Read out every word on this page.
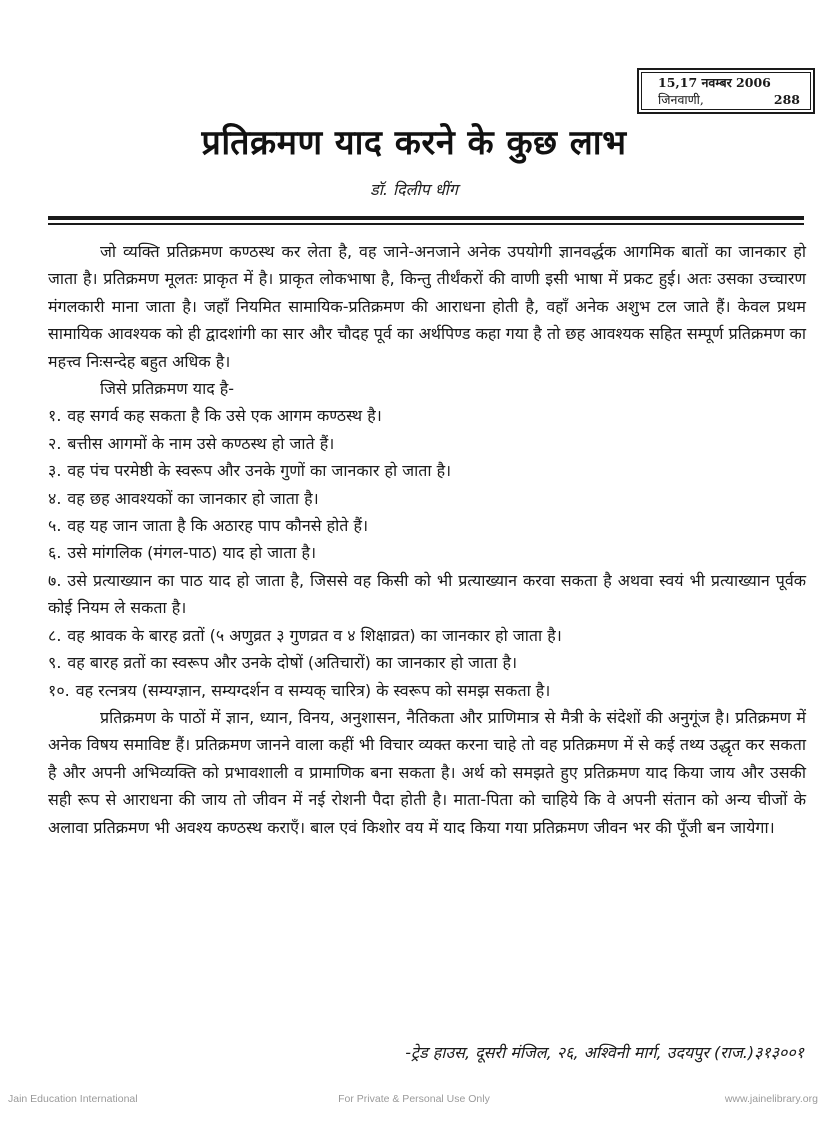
15,17 नवम्बर 2006
जिनवाणी,	288
प्रतिक्रमण याद करने के कुछ लाभ
डॉ. दिलीप धींग

जो व्यक्ति प्रतिक्रमण कण्ठस्थ कर लेता है, वह जाने-अनजाने अनेक उपयोगी ज्ञानवर्द्धक आगमिक बातों का जानकार हो जाता है। प्रतिक्रमण मूलतः प्राकृत में है। प्राकृत लोकभाषा है, किन्तु तीर्थंकरों की वाणी इसी भाषा में प्रकट हुई। अतः उसका उच्चारण मंगलकारी माना जाता है। जहाँ नियमित सामायिक-प्रतिक्रमण की आराधना होती है, वहाँ अनेक अशुभ टल जाते हैं। केवल प्रथम सामायिक आवश्यक को ही द्वादशांगी का सार और चौदह पूर्व का अर्थपिण्ड कहा गया है तो छह आवश्यक सहित सम्पूर्ण प्रतिक्रमण का महत्त्व निःसन्देह बहुत अधिक है।

जिसे प्रतिक्रमण याद है-

१. वह सगर्व कह सकता है कि उसे एक आगम कण्ठस्थ है।

२. बत्तीस आगमों के नाम उसे कण्ठस्थ हो जाते हैं।

३. वह पंच परमेष्ठी के स्वरूप और उनके गुणों का जानकार हो जाता है।

४. वह छह आवश्यकों का जानकार हो जाता है।

५. वह यह जान जाता है कि अठारह पाप कौनसे होते हैं।

६. उसे मांगलिक (मंगल-पाठ) याद हो जाता है।

७. उसे प्रत्याख्यान का पाठ याद हो जाता है, जिससे वह किसी को भी प्रत्याख्यान करवा सकता है अथवा स्वयं भी प्रत्याख्यान पूर्वक कोई नियम ले सकता है।

८. वह श्रावक के बारह व्रतों (५ अणुव्रत ३ गुणव्रत व ४ शिक्षाव्रत) का जानकार हो जाता है।

९. वह बारह व्रतों का स्वरूप और उनके दोषों (अतिचारों) का जानकार हो जाता है।

१०. वह रत्नत्रय (सम्यग्ज्ञान, सम्यग्दर्शन व सम्यक् चारित्र) के स्वरूप को समझ सकता है।

प्रतिक्रमण के पाठों में ज्ञान, ध्यान, विनय, अनुशासन, नैतिकता और प्राणिमात्र से मैत्री के संदेशों की अनुगूंज है। प्रतिक्रमण में अनेक विषय समाविष्ट हैं। प्रतिक्रमण जानने वाला कहीं भी विचार व्यक्त करना चाहे तो वह प्रतिक्रमण में से कई तथ्य उद्धृत कर सकता है और अपनी अभिव्यक्ति को प्रभावशाली व प्रामाणिक बना सकता है। अर्थ को समझते हुए प्रतिक्रमण याद किया जाय और उसकी सही रूप से आराधना की जाय तो जीवन में नई रोशनी पैदा होती है। माता-पिता को चाहिये कि वे अपनी संतान को अन्य चीजों के अलावा प्रतिक्रमण भी अवश्य कण्ठस्थ कराएँ। बाल एवं किशोर वय में याद किया गया प्रतिक्रमण जीवन भर की पूँजी बन जायेगा।

-ट्रेड हाउस, दूसरी मंजिल, २६, अश्विनी मार्ग, उदयपुर (राज.)३१३००१
Jain Education International	For Private & Personal Use Only	www.jainelibrary.org
